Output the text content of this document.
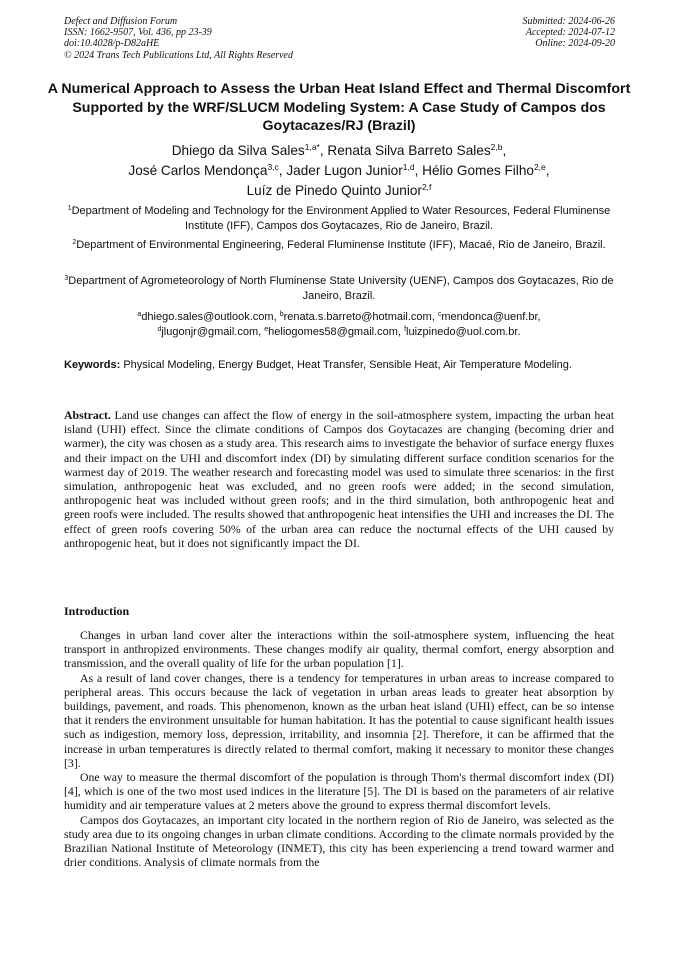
Defect and Diffusion Forum
ISSN: 1662-9507, Vol. 436, pp 23-39
doi:10.4028/p-D82aHE
© 2024 Trans Tech Publications Ltd, All Rights Reserved
Submitted: 2024-06-26
Accepted: 2024-07-12
Online: 2024-09-20
A Numerical Approach to Assess the Urban Heat Island Effect and Thermal Discomfort Supported by the WRF/SLUCM Modeling System: A Case Study of Campos dos Goytacazes/RJ (Brazil)
Dhiego da Silva Sales$^{1,a*}$, Renata Silva Barreto Sales$^{2,b}$,
José Carlos Mendonça$^{3,c}$, Jader Lugon Junior$^{1,d}$, Hélio Gomes Filho$^{2,e}$,
Luíz de Pinedo Quinto Junior$^{2,f}$
$^1$Department of Modeling and Technology for the Environment Applied to Water Resources, Federal Fluminense Institute (IFF), Campos dos Goytacazes, Rio de Janeiro, Brazil.
$^2$Department of Environmental Engineering, Federal Fluminense Institute (IFF), Macaé, Rio de Janeiro, Brazil.
$^3$Department of Agrometeorology of North Fluminense State University (UENF), Campos dos Goytacazes, Rio de Janeiro, Brazil.
$^a$dhiego.sales@outlook.com, $^b$renata.s.barreto@hotmail.com, $^c$mendonca@uenf.br,
$^d$jlugonjr@gmail.com, $^e$heliogomes58@gmail.com, $^f$luizpinedo@uol.com.br.
Keywords: Physical Modeling, Energy Budget, Heat Transfer, Sensible Heat, Air Temperature Modeling.
Abstract. Land use changes can affect the flow of energy in the soil-atmosphere system, impacting the urban heat island (UHI) effect. Since the climate conditions of Campos dos Goytacazes are changing (becoming drier and warmer), the city was chosen as a study area. This research aims to investigate the behavior of surface energy fluxes and their impact on the UHI and discomfort index (DI) by simulating different surface condition scenarios for the warmest day of 2019. The weather research and forecasting model was used to simulate three scenarios: in the first simulation, anthropogenic heat was excluded, and no green roofs were added; in the second simulation, anthropogenic heat was included without green roofs; and in the third simulation, both anthropogenic heat and green roofs were included. The results showed that anthropogenic heat intensifies the UHI and increases the DI. The effect of green roofs covering 50% of the urban area can reduce the nocturnal effects of the UHI caused by anthropogenic heat, but it does not significantly impact the DI.
Introduction

Changes in urban land cover alter the interactions within the soil-atmosphere system, influencing the heat transport in anthropized environments. These changes modify air quality, thermal comfort, energy absorption and transmission, and the overall quality of life for the urban population [1].

As a result of land cover changes, there is a tendency for temperatures in urban areas to increase compared to peripheral areas. This occurs because the lack of vegetation in urban areas leads to greater heat absorption by buildings, pavement, and roads. This phenomenon, known as the urban heat island (UHI) effect, can be so intense that it renders the environment unsuitable for human habitation. It has the potential to cause significant health issues such as indigestion, memory loss, depression, irritability, and insomnia [2]. Therefore, it can be affirmed that the increase in urban temperatures is directly related to thermal comfort, making it necessary to monitor these changes [3].

One way to measure the thermal discomfort of the population is through Thom's thermal discomfort index (DI) [4], which is one of the two most used indices in the literature [5]. The DI is based on the parameters of air relative humidity and air temperature values at 2 meters above the ground to express thermal discomfort levels.

Campos dos Goytacazes, an important city located in the northern region of Rio de Janeiro, was selected as the study area due to its ongoing changes in urban climate conditions. According to the climate normals provided by the Brazilian National Institute of Meteorology (INMET), this city has been experiencing a trend toward warmer and drier conditions. Analysis of climate normals from the
